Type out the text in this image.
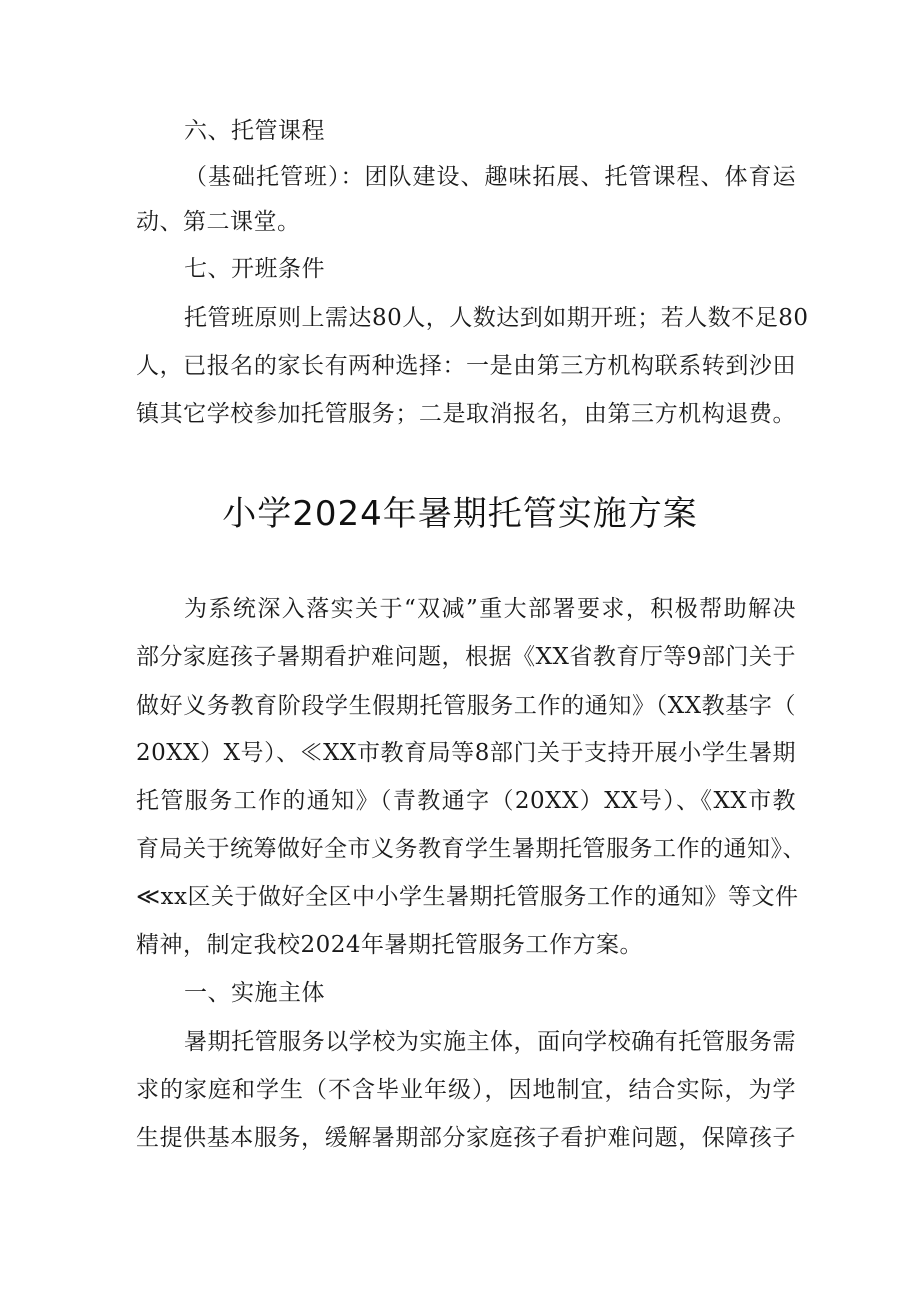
六、托管课程
（基础托管班）：团队建设、趣味拓展、托管课程、体育运
动、第二课堂。
七、开班条件
托管班原则上需达80人，人数达到如期开班；若人数不足80
人，已报名的家长有两种选择：一是由第三方机构联系转到沙田
镇其它学校参加托管服务；二是取消报名，由第三方机构退费。
小学2024年暑期托管实施方案
为系统深入落实关于“双减”重大部署要求，积极帮助解决
部分家庭孩子暑期看护难问题，根据《XX省教育厅等9部门关于
做好义务教育阶段学生假期托管服务工作的通知》（XX教基字（
20XX）X号）、≪XX市教育局等8部门关于支持开展小学生暑期
托管服务工作的通知》（青教通字（20XX）XX号）、《XX市教
育局关于统筹做好全市义务教育学生暑期托管服务工作的通知》、
≪xx区关于做好全区中小学生暑期托管服务工作的通知》等文件
精神，制定我校2024年暑期托管服务工作方案。
一、实施主体
暑期托管服务以学校为实施主体，面向学校确有托管服务需
求的家庭和学生（不含毕业年级），因地制宜，结合实际，为学
生提供基本服务，缓解暑期部分家庭孩子看护难问题，保障孩子
